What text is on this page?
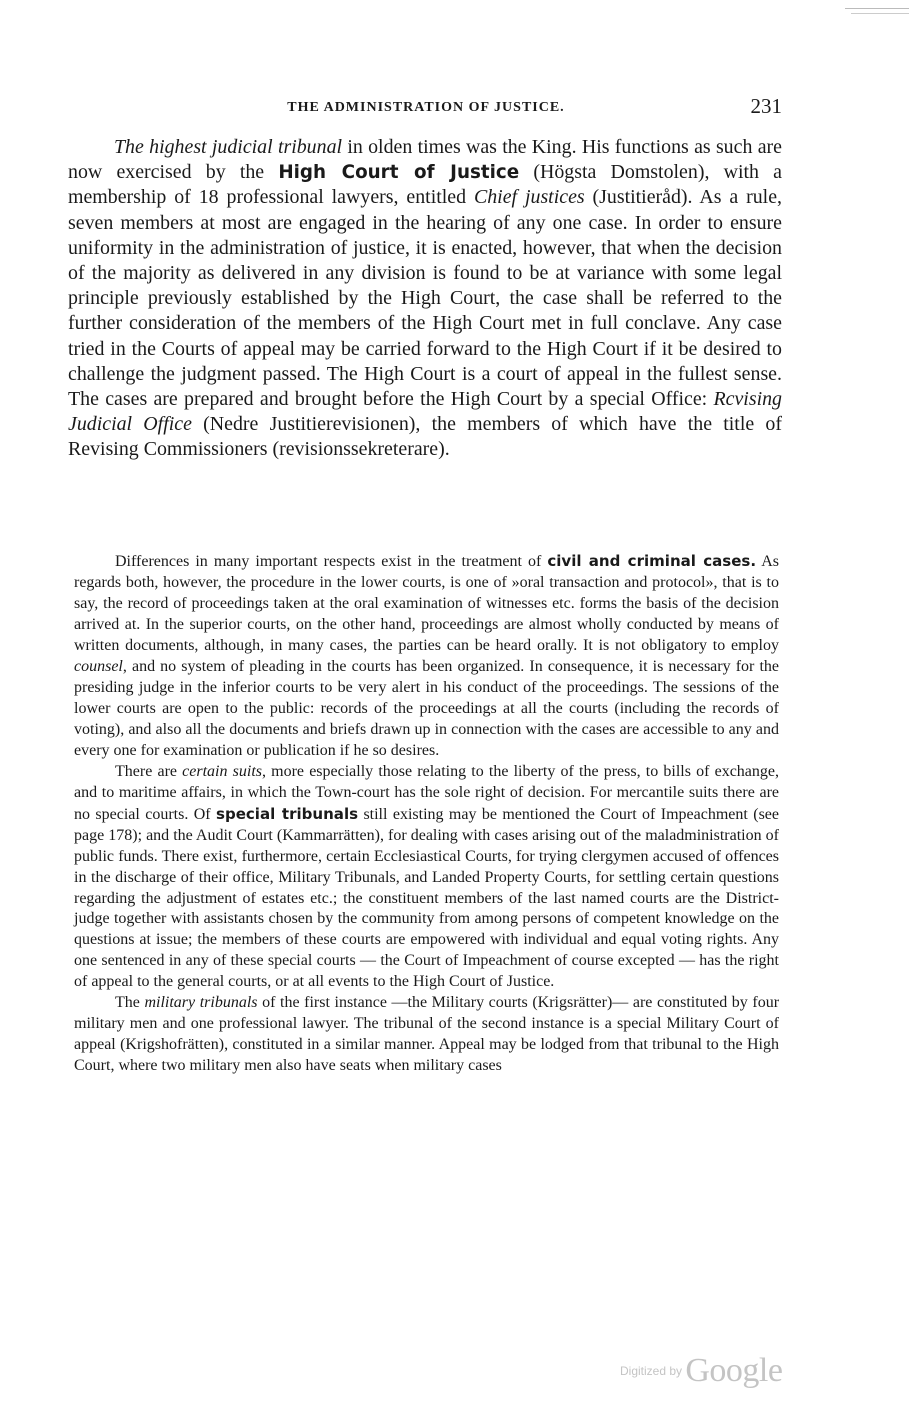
THE ADMINISTRATION OF JUSTICE.	231

The highest judicial tribunal in olden times was the King. His functions as such are now exercised by the High Court of Justice (Högsta Domstolen), with a membership of 18 professional lawyers, entitled Chief justices (Justitieråd). As a rule, seven members at most are engaged in the hearing of any one case. In order to ensure uniformity in the administration of justice, it is enacted, however, that when the decision of the majority as delivered in any division is found to be at variance with some legal principle previously established by the High Court, the case shall be referred to the further consideration of the members of the High Court met in full conclave. Any case tried in the Courts of appeal may be carried forward to the High Court if it be desired to challenge the judgment passed. The High Court is a court of appeal in the fullest sense. The cases are prepared and brought before the High Court by a special Office: Rcvising Judicial Office (Nedre Justitierevisionen), the members of which have the title of Revising Commissioners (revisionssekreterare).

Differences in many important respects exist in the treatment of civil and criminal cases. As regards both, however, the procedure in the lower courts, is one of »oral transaction and protocol», that is to say, the record of proceedings taken at the oral examination of witnesses etc. forms the basis of the decision arrived at. In the superior courts, on the other hand, proceedings are almost wholly conducted by means of written documents, although, in many cases, the parties can be heard orally. It is not obligatory to employ counsel, and no system of pleading in the courts has been organized. In consequence, it is necessary for the presiding judge in the inferior courts to be very alert in his conduct of the proceedings. The sessions of the lower courts are open to the public: records of the proceedings at all the courts (including the records of voting), and also all the documents and briefs drawn up in connection with the cases are accessible to any and every one for examination or publication if he so desires.

There are certain suits, more especially those relating to the liberty of the press, to bills of exchange, and to maritime affairs, in which the Town-court has the sole right of decision. For mercantile suits there are no special courts. Of special tribunals still existing may be mentioned the Court of Impeachment (see page 178); and the Audit Court (Kammarrätten), for dealing with cases arising out of the maladministration of public funds. There exist, furthermore, certain Ecclesiastical Courts, for trying clergymen accused of offences in the discharge of their office, Military Tribunals, and Landed Property Courts, for settling certain questions regarding the adjustment of estates etc.; the constituent members of the last named courts are the District-judge together with assistants chosen by the community from among persons of competent knowledge on the questions at issue; the members of these courts are empowered with individual and equal voting rights. Any one sentenced in any of these special courts — the Court of Impeachment of course excepted — has the right of appeal to the general courts, or at all events to the High Court of Justice.

The military tribunals of the first instance —the Military courts (Krigsrätter)— are constituted by four military men and one professional lawyer. The tribunal of the second instance is a special Military Court of appeal (Krigshofrätten), constituted in a similar manner. Appeal may be lodged from that tribunal to the High Court, where two military men also have seats when military cases

Digitized by Google
